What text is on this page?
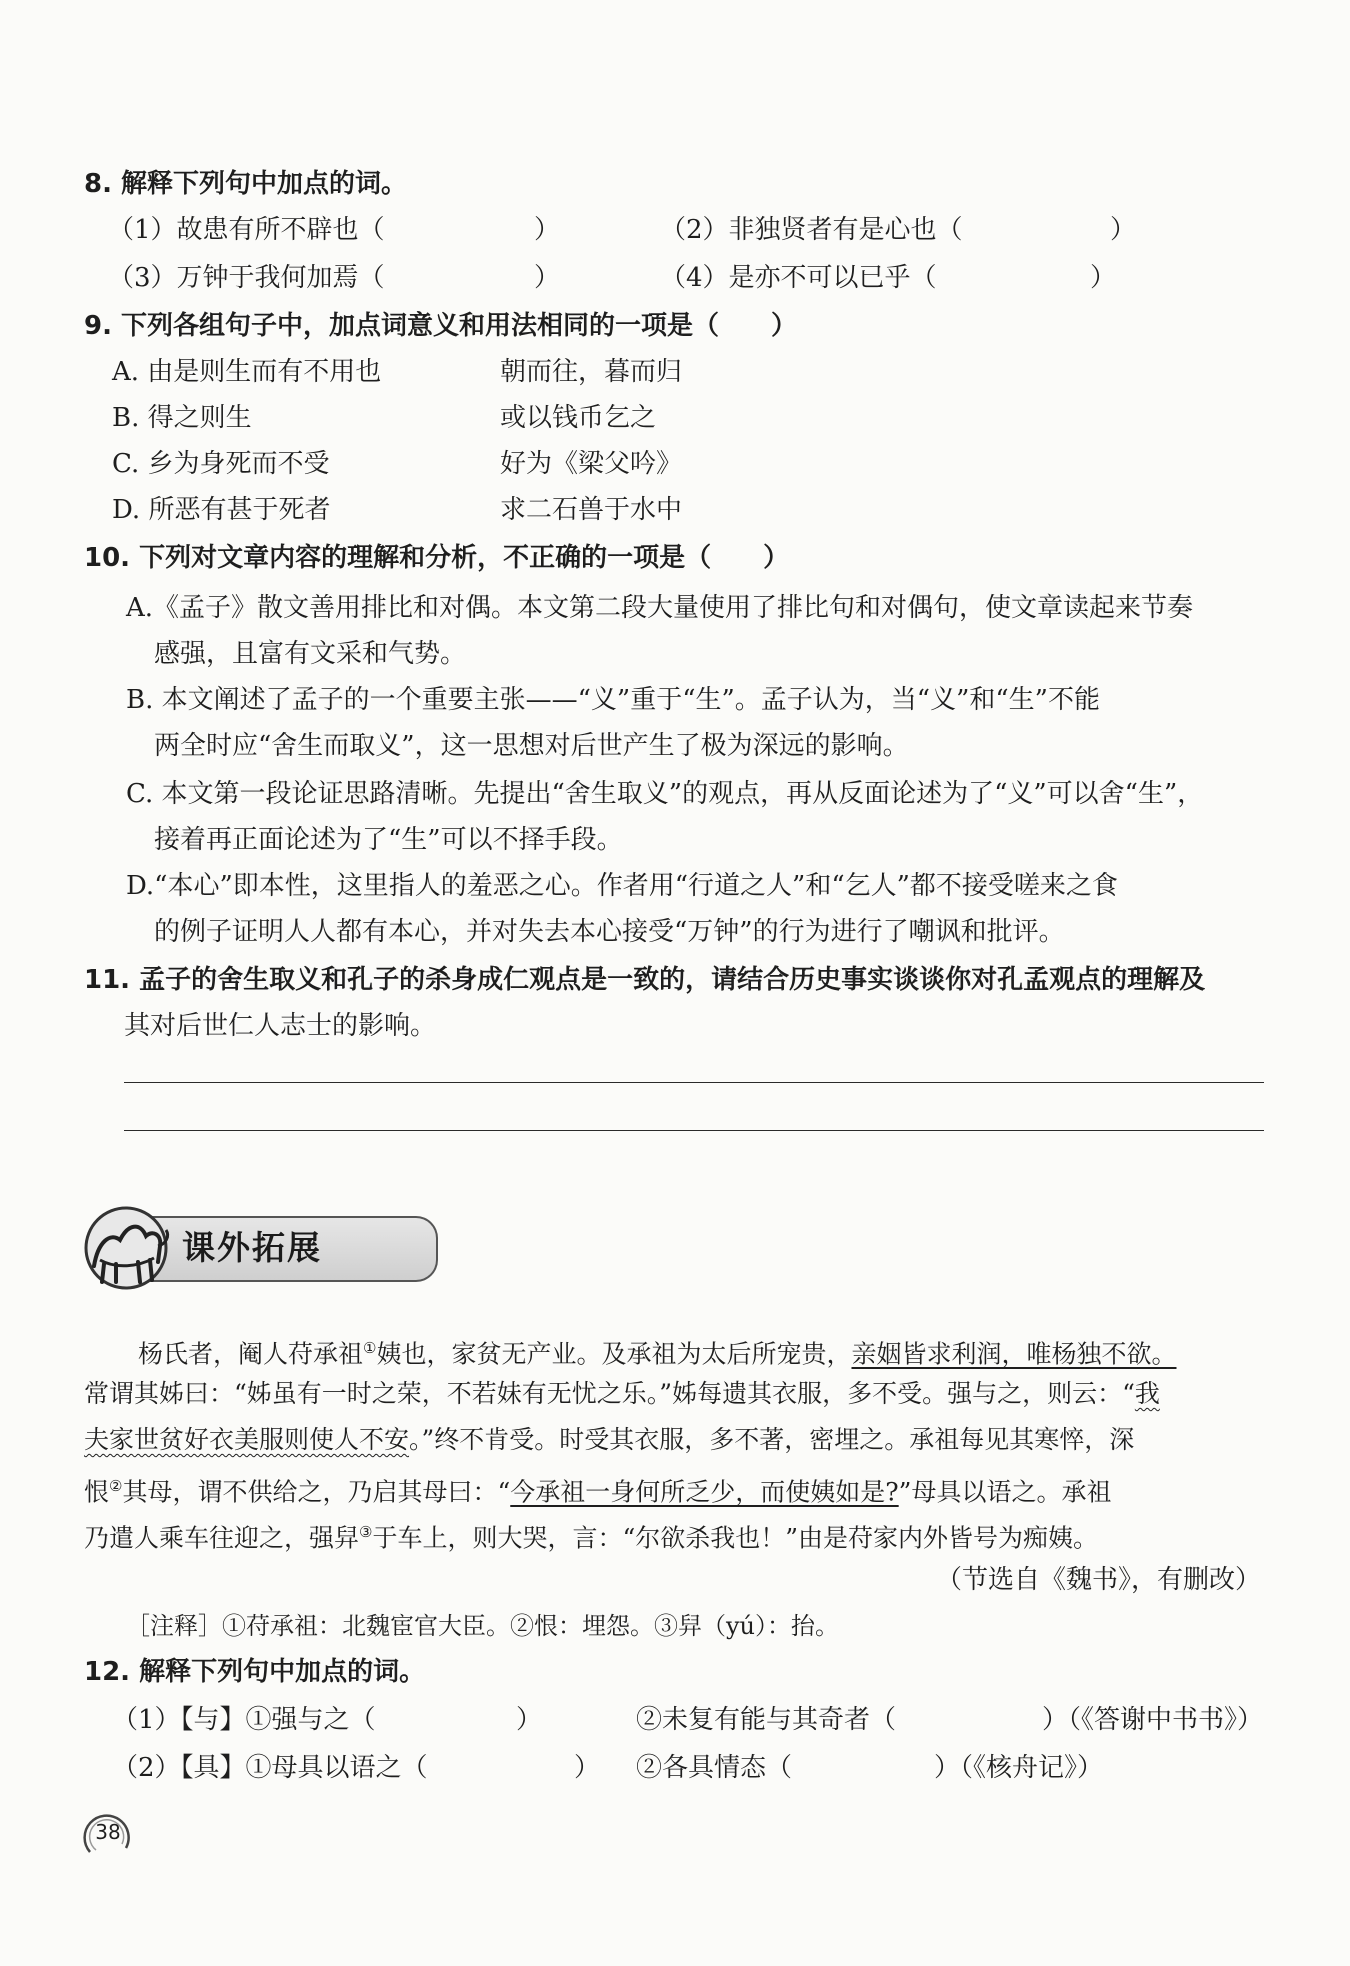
8. 解释下列句中加点的词。
（1）故患有所不辟也（	）	（2）非独贤者有是心也（	）
（3）万钟于我何加焉（	）	（4）是亦不可以已乎（	）
9. 下列各组句子中，加点词意义和用法相同的一项是（　　）
A. 由是则生而有不用也	朝而往，暮而归
B. 得之则生	或以钱币乞之
C. 乡为身死而不受	好为《梁父吟》
D. 所恶有甚于死者	求二石兽于水中
10. 下列对文章内容的理解和分析，不正确的一项是（　　）
A.《孟子》散文善用排比和对偶。本文第二段大量使用了排比句和对偶句，使文章读起来节奏
感强，且富有文采和气势。
B. 本文阐述了孟子的一个重要主张——“义”重于“生”。孟子认为，当“义”和“生”不能
两全时应“舍生而取义”，这一思想对后世产生了极为深远的影响。
C. 本文第一段论证思路清晰。先提出“舍生取义”的观点，再从反面论述为了“义”可以舍“生”，
接着再正面论述为了“生”可以不择手段。
D.“本心”即本性，这里指人的羞恶之心。作者用“行道之人”和“乞人”都不接受嗟来之食
的例子证明人人都有本心，并对失去本心接受“万钟”的行为进行了嘲讽和批评。
11. 孟子的舍生取义和孔子的杀身成仁观点是一致的，请结合历史事实谈谈你对孔孟观点的理解及
其对后世仁人志士的影响。
课外拓展
杨氏者，阉人苻承祖①姨也，家贫无产业。及承祖为太后所宠贵，亲姻皆求利润，唯杨独不欲。
常谓其姊曰：“姊虽有一时之荣，不若妹有无忧之乐。”姊每遗其衣服，多不受。强与之，则云：“我
夫家世贫好衣美服则使人不安。”终不肯受。时受其衣服，多不著，密埋之。承祖每见其寒悴，深
恨②其母，谓不供给之，乃启其母曰：“今承祖一身何所乏少，而使姨如是?”母具以语之。承祖
乃遣人乘车往迎之，强舁③于车上，则大哭，言：“尔欲杀我也！”由是苻家内外皆号为痴姨。
（节选自《魏书》，有删改）
［注释］①苻承祖：北魏宦官大臣。②恨：埋怨。③舁（yú）：抬。
12. 解释下列句中加点的词。
（1）【与】①强与之（	）	②未复有能与其奇者（	）（《答谢中书书》）
（2）【具】①母具以语之（	） ②各具情态（	）（《核舟记》）
38
